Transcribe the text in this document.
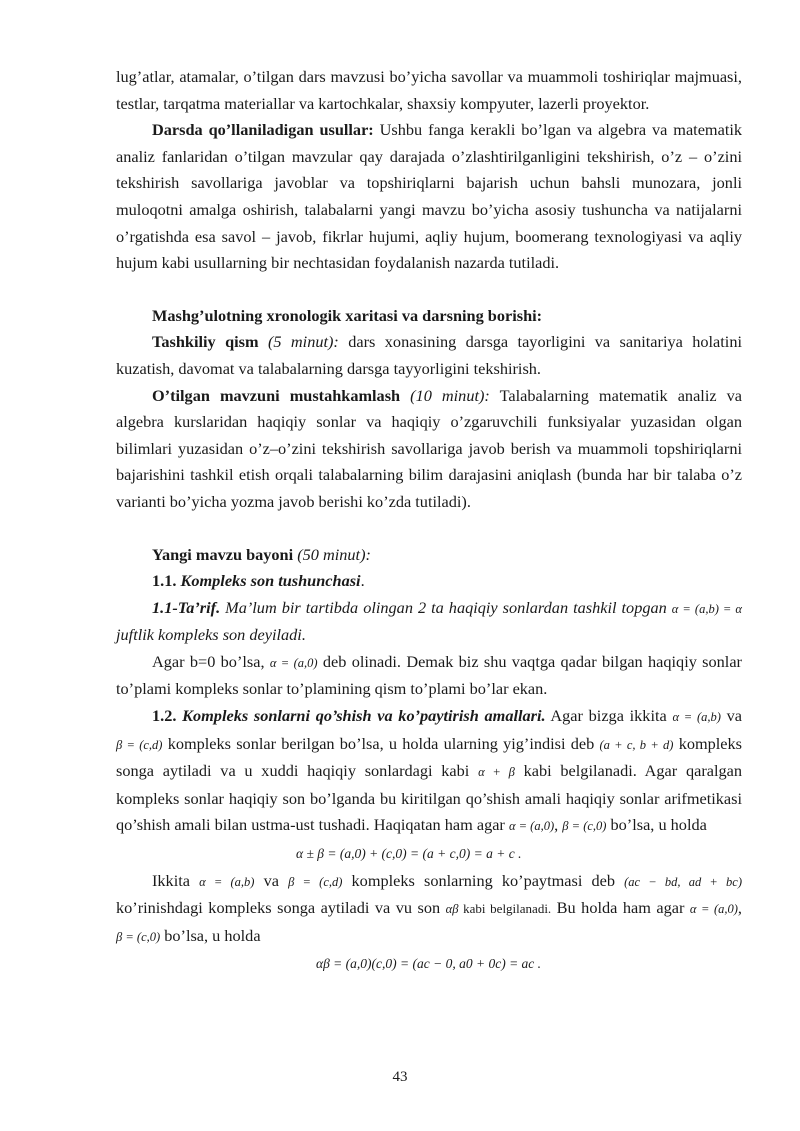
lug’atlar, atamalar, o’tilgan dars mavzusi bo’yicha savollar va muammoli toshiriqlar majmuasi, testlar, tarqatma materiallar va kartochkalar, shaxsiy kompyuter, lazerli proyektor.

Darsda qo’llaniladigan usullar: Ushbu fanga kerakli bo’lgan va algebra va matematik analiz fanlaridan o’tilgan mavzular qay darajada o’zlashtirilganligini tekshirish, o’z – o’zini tekshirish savollariga javoblar va topshiriqlarni bajarish uchun bahsli munozara, jonli muloqotni amalga oshirish, talabalarni yangi mavzu bo’yicha asosiy tushuncha va natijalarni o’rgatishda esa savol – javob, fikrlar hujumi, aqliy hujum, boomerang texnologiyasi va aqliy hujum kabi usullarning bir nechtasidan foydalanish nazarda tutiladi.

Mashg’ulotning xronologik xaritasi va darsning borishi:

Tashkiliy qism (5 minut): dars xonasining darsga tayorligini va sanitariya holatini kuzatish, davomat va talabalarning darsga tayyorligini tekshirish.

O’tilgan mavzuni mustahkamlash (10 minut): Talabalarning matematik analiz va algebra kurslaridan haqiqiy sonlar va haqiqiy o’zgaruvchili funksiyalar yuzasidan olgan bilimlari yuzasidan o’z–o’zini tekshirish savollariga javob berish va muammoli topshiriqlarni bajarishini tashkil etish orqali talabalarning bilim darajasini aniqlash (bunda har bir talaba o’z varianti bo’yicha yozma javob berishi ko’zda tutiladi).

Yangi mavzu bayoni (50 minut):

1.1. Kompleks son tushunchasi.

1.1-Ta’rif. Ma’lum bir tartibda olingan 2 ta haqiqiy sonlardan tashkil topgan α = (a,b) = α juftlik kompleks son deyiladi.

Agar b=0 bo’lsa, α = (a,0) deb olinadi. Demak biz shu vaqtga qadar bilgan haqiqiy sonlar to’plami kompleks sonlar to’plamining qism to’plami bo’lar ekan.

1.2. Kompleks sonlarni qo’shish va ko’paytirish amallari. Agar bizga ikkita α = (a,b) va β = (c,d) kompleks sonlar berilgan bo’lsa, u holda ularning yig’indisi deb (a + c, b + d) kompleks songa aytiladi va u xuddi haqiqiy sonlardagi kabi α + β kabi belgilanadi. Agar qaralgan kompleks sonlar haqiqiy son bo’lganda bu kiritilgan qo’shish amali haqiqiy sonlar arifmetikasi qo’shish amali bilan ustma-ust tushadi. Haqiqatan ham agar α = (a,0), β = (c,0) bo’lsa, u holda

α ± β = (a,0) + (c,0) = (a + c,0) = a + c .

Ikkita α = (a,b) va β = (c,d) kompleks sonlarning ko’paytmasi deb (ac − bd, ad + bc) ko’rinishdagi kompleks songa aytiladi va vu son αβ kabi belgilanadi. Bu holda ham agar α = (a,0), β = (c,0) bo’lsa, u holda

αβ = (a,0)(c,0) = (ac − 0, a0 + 0c) = ac .

43
